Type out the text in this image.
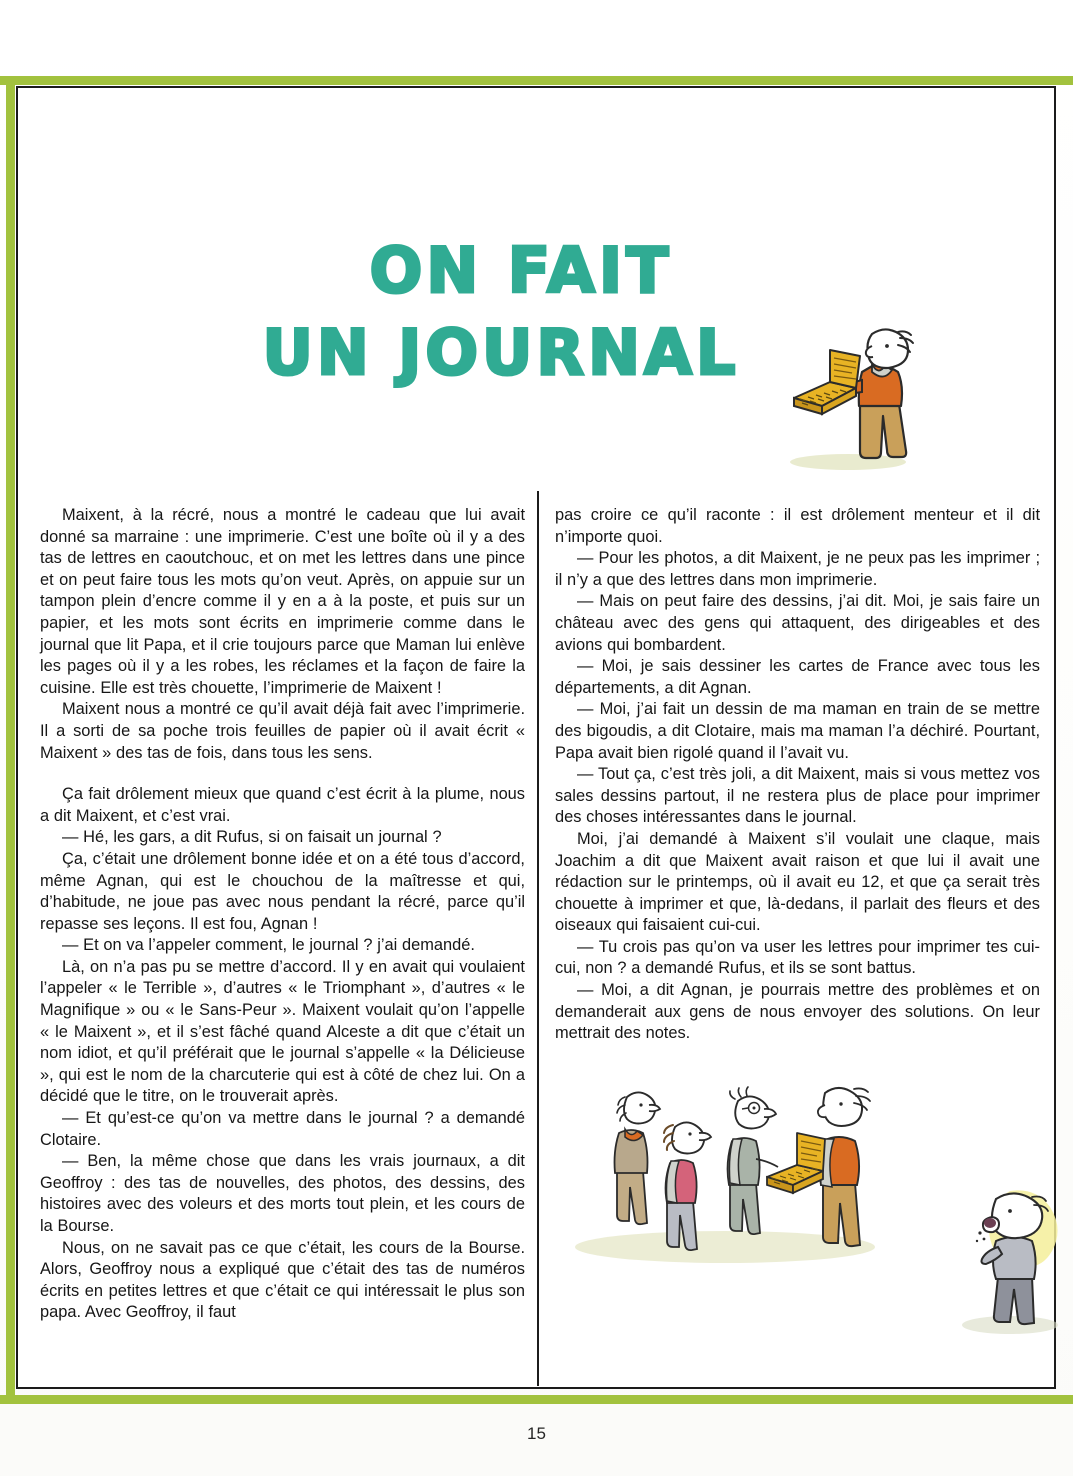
ON FAIT
UN JOURNAL

Maixent, à la récré, nous a montré le cadeau que lui avait donné sa marraine : une imprimerie. C’est une boîte où il y a des tas de lettres en caoutchouc, et on met les lettres dans une pince et on peut faire tous les mots qu’on veut. Après, on appuie sur un tampon plein d’encre comme il y en a à la poste, et puis sur un papier, et les mots sont écrits en imprimerie comme dans le journal que lit Papa, et il crie toujours parce que Maman lui enlève les pages où il y a les robes, les réclames et la façon de faire la cuisine. Elle est très chouette, l’imprimerie de Maixent !

Maixent nous a montré ce qu’il avait déjà fait avec l’imprimerie. Il a sorti de sa poche trois feuilles de papier où il avait écrit « Maixent » des tas de fois, dans tous les sens.

Ça fait drôlement mieux que quand c’est écrit à la plume, nous a dit Maixent, et c’est vrai.

— Hé, les gars, a dit Rufus, si on faisait un journal ?

Ça, c’était une drôlement bonne idée et on a été tous d’accord, même Agnan, qui est le chouchou de la maîtresse et qui, d’habitude, ne joue pas avec nous pendant la récré, parce qu’il repasse ses leçons. Il est fou, Agnan !

— Et on va l’appeler comment, le journal ? j’ai demandé.

Là, on n’a pas pu se mettre d’accord. Il y en avait qui voulaient l’appeler « le Terrible », d’autres « le Triomphant », d’autres « le Magnifique » ou « le Sans-Peur ». Maixent voulait qu’on l’appelle « le Maixent », et il s’est fâché quand Alceste a dit que c’était un nom idiot, et qu’il préférait que le journal s’appelle « la Délicieuse », qui est le nom de la charcuterie qui est à côté de chez lui. On a décidé que le titre, on le trouverait après.

— Et qu’est-ce qu’on va mettre dans le journal ? a demandé Clotaire.

— Ben, la même chose que dans les vrais journaux, a dit Geoffroy : des tas de nouvelles, des photos, des dessins, des histoires avec des voleurs et des morts tout plein, et les cours de la Bourse.

Nous, on ne savait pas ce que c’était, les cours de la Bourse. Alors, Geoffroy nous a expliqué que c’était des tas de numéros écrits en petites lettres et que c’était ce qui intéressait le plus son papa. Avec Geoffroy, il faut

pas croire ce qu’il raconte : il est drôlement menteur et il dit n’importe quoi.

— Pour les photos, a dit Maixent, je ne peux pas les imprimer ; il n’y a que des lettres dans mon imprimerie.

— Mais on peut faire des dessins, j’ai dit. Moi, je sais faire un château avec des gens qui attaquent, des dirigeables et des avions qui bombardent.

— Moi, je sais dessiner les cartes de France avec tous les départements, a dit Agnan.

— Moi, j’ai fait un dessin de ma maman en train de se mettre des bigoudis, a dit Clotaire, mais ma maman l’a déchiré. Pourtant, Papa avait bien rigolé quand il l’avait vu.

— Tout ça, c’est très joli, a dit Maixent, mais si vous mettez vos sales dessins partout, il ne restera plus de place pour imprimer des choses intéressantes dans le journal.

Moi, j’ai demandé à Maixent s’il voulait une claque, mais Joachim a dit que Maixent avait raison et que lui il avait une rédaction sur le printemps, où il avait eu 12, et que ça serait très chouette à imprimer et que, là-dedans, il parlait des fleurs et des oiseaux qui faisaient cui-cui.

— Tu crois pas qu’on va user les lettres pour imprimer tes cui-cui, non ? a demandé Rufus, et ils se sont battus.

— Moi, a dit Agnan, je pourrais mettre des problèmes et on demanderait aux gens de nous envoyer des solutions. On leur mettrait des notes.

15
